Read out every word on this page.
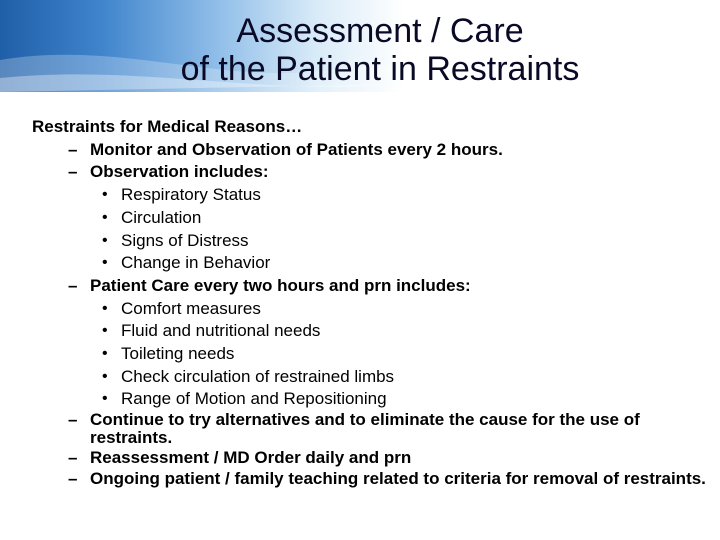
Assessment / Care
of the Patient in Restraints
Restraints for Medical Reasons…
– Monitor and Observation of Patients every 2 hours.
– Observation includes:
• Respiratory Status
• Circulation
• Signs of Distress
• Change in Behavior
– Patient Care every two hours and prn includes:
• Comfort measures
• Fluid and nutritional needs
• Toileting needs
• Check circulation of restrained limbs
• Range of Motion and Repositioning
– Continue to try alternatives and to eliminate the cause for the use of restraints.
– Reassessment / MD Order daily and prn
– Ongoing patient / family teaching related to criteria for removal of restraints.
